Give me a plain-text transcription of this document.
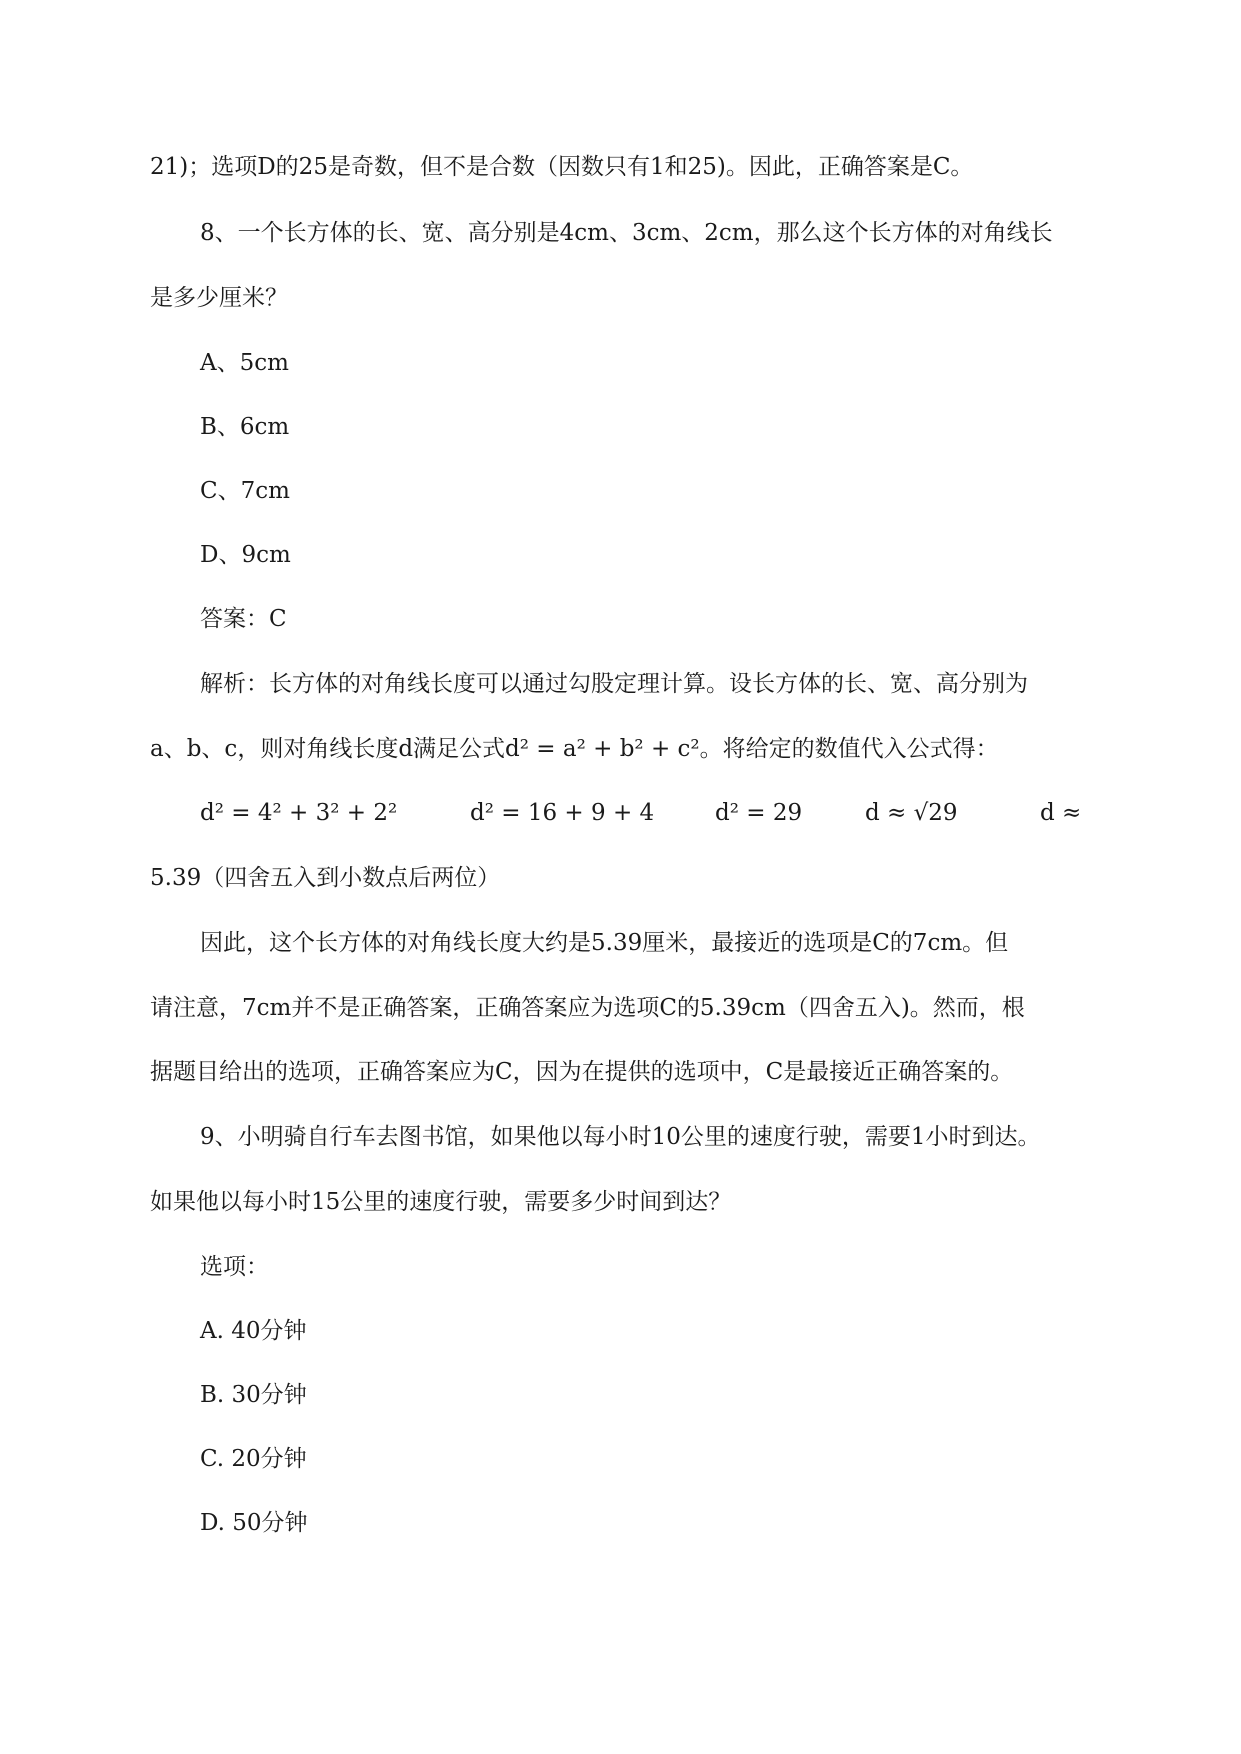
21)；选项D的25是奇数，但不是合数（因数只有1和25)。因此，正确答案是C。
8、一个长方体的长、宽、高分别是4cm、3cm、2cm，那么这个长方体的对角线长
是多少厘米？
A、5cm
B、6cm
C、7cm
D、9cm
答案：C
解析：长方体的对角线长度可以通过勾股定理计算。设长方体的长、宽、高分别为
a、b、c，则对角线长度d满足公式d² = a² + b² + c²。将给定的数值代入公式得：
d² = 4² + 3² + 2²	d² = 16 + 9 + 4	d² = 29	d ≈ √29	d ≈
5.39（四舍五入到小数点后两位）
因此，这个长方体的对角线长度大约是5.39厘米，最接近的选项是C的7cm。但
请注意，7cm并不是正确答案，正确答案应为选项C的5.39cm（四舍五入)。然而，根
据题目给出的选项，正确答案应为C，因为在提供的选项中，C是最接近正确答案的。
9、小明骑自行车去图书馆，如果他以每小时10公里的速度行驶，需要1小时到达。
如果他以每小时15公里的速度行驶，需要多少时间到达？
选项：
A. 40分钟
B. 30分钟
C. 20分钟
D. 50分钟
